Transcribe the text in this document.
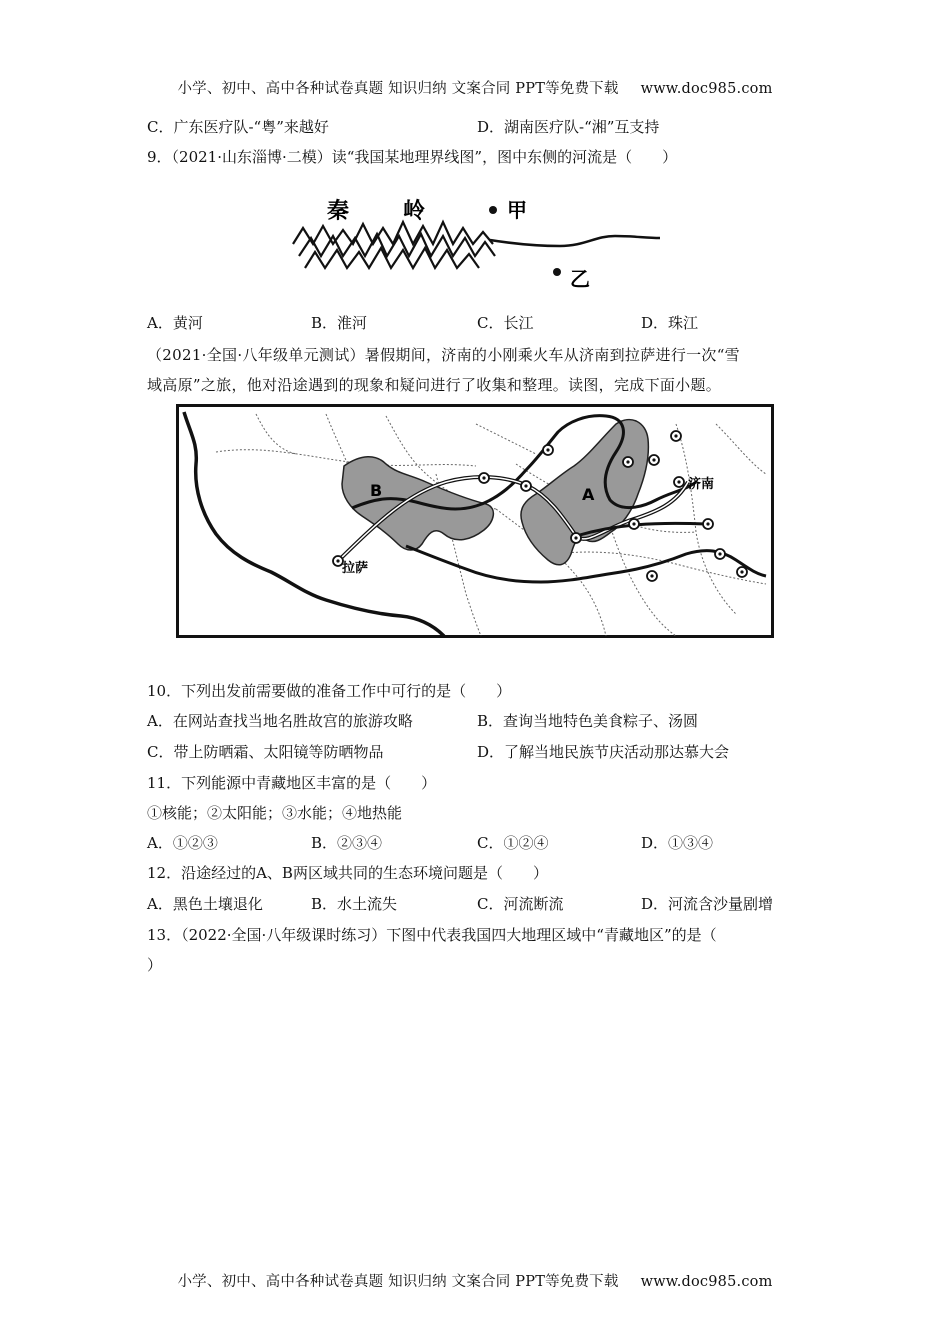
小学、初中、高中各种试卷真题 知识归纳 文案合同 PPT等免费下载 www.doc985.com
C．广东医疗队-“粤”来越好	D．湖南医疗队-“湘”互支持
9．（2021·山东淄博·二模）读“我国某地理界线图”，图中东侧的河流是（　　）
秦 岭	甲
乙
A．黄河	B．淮河	C．长江	D．珠江
（2021·全国·八年级单元测试）暑假期间，济南的小刚乘火车从济南到拉萨进行一次“雪
域高原”之旅，他对沿途遇到的现象和疑问进行了收集和整理。读图，完成下面小题。
B	A
济南
拉萨
10．下列出发前需要做的准备工作中可行的是（　　）
A．在网站查找当地名胜故宫的旅游攻略	B．查询当地特色美食粽子、汤圆
C．带上防晒霜、太阳镜等防晒物品	D．了解当地民族节庆活动那达慕大会
11．下列能源中青藏地区丰富的是（　　）
①核能；②太阳能；③水能；④地热能
A．①②③	B．②③④	C．①②④	D．①③④
12．沿途经过的A、B两区域共同的生态环境问题是（　　）
A．黑色土壤退化	B．水土流失	C．河流断流	D．河流含沙量剧增
13．（2022·全国·八年级课时练习）下图中代表我国四大地理区域中“青藏地区”的是（
）
小学、初中、高中各种试卷真题 知识归纳 文案合同 PPT等免费下载 www.doc985.com
